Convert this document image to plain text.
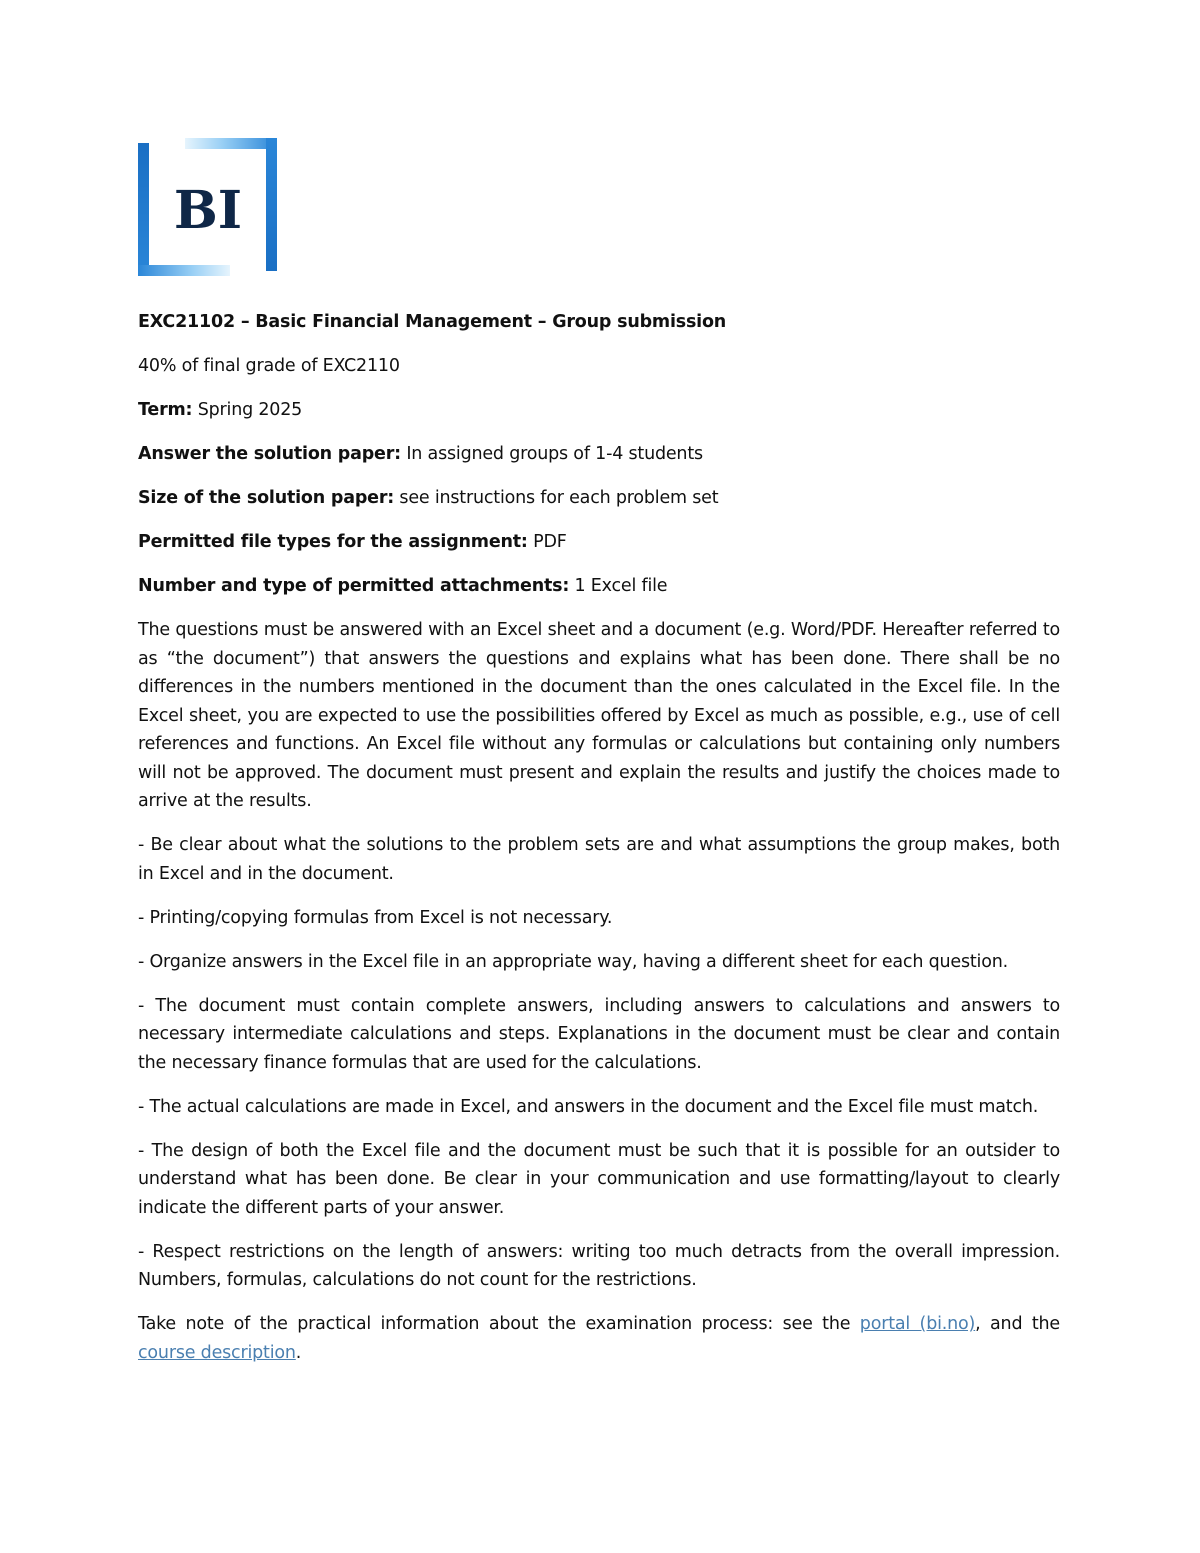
BI
EXC21102 – Basic Financial Management – Group submission
40% of final grade of EXC2110
Term: Spring 2025
Answer the solution paper: In assigned groups of 1-4 students
Size of the solution paper: see instructions for each problem set
Permitted file types for the assignment: PDF
Number and type of permitted attachments: 1 Excel file

The questions must be answered with an Excel sheet and a document (e.g. Word/PDF. Hereafter referred to as “the document”) that answers the questions and explains what has been done. There shall be no differences in the numbers mentioned in the document than the ones calculated in the Excel file. In the Excel sheet, you are expected to use the possibilities offered by Excel as much as possible, e.g., use of cell references and functions. An Excel file without any formulas or calculations but containing only numbers will not be approved. The document must present and explain the results and justify the choices made to arrive at the results.

- Be clear about what the solutions to the problem sets are and what assumptions the group makes, both in Excel and in the document.

- Printing/copying formulas from Excel is not necessary.

- Organize answers in the Excel file in an appropriate way, having a different sheet for each question.

- The document must contain complete answers, including answers to calculations and answers to necessary intermediate calculations and steps. Explanations in the document must be clear and contain the necessary finance formulas that are used for the calculations.

- The actual calculations are made in Excel, and answers in the document and the Excel file must match.

- The design of both the Excel file and the document must be such that it is possible for an outsider to understand what has been done. Be clear in your communication and use formatting/layout to clearly indicate the different parts of your answer.

- Respect restrictions on the length of answers: writing too much detracts from the overall impression. Numbers, formulas, calculations do not count for the restrictions.

Take note of the practical information about the examination process: see the portal (bi.no), and the course description.
